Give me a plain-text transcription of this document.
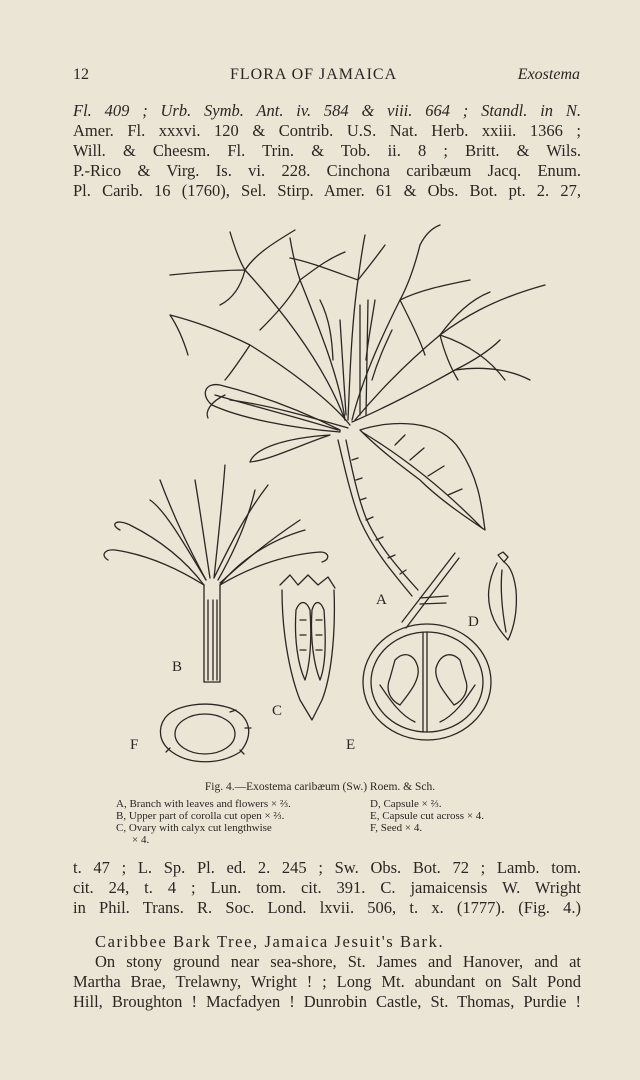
12	FLORA OF JAMAICA	Exostema
Fl. 409 ; Urb. Symb. Ant. iv. 584 & viii. 664 ; Standl. in N.
Amer. Fl. xxxvi. 120 & Contrib. U.S. Nat. Herb. xxiii. 1366 ;
Will. & Cheesm. Fl. Trin. & Tob. ii. 8 ; Britt. & Wils.
P.-Rico & Virg. Is. vi. 228. Cinchona caribæum Jacq. Enum.
Pl. Carib. 16 (1760), Sel. Stirp. Amer. 61 & Obs. Bot. pt. 2. 27,
A
B
C
D
E
F
Fig. 4.—Exostema caribæum (Sw.) Roem. & Sch.
A, Branch with leaves and flowers × ⅔.
B, Upper part of corolla cut open × ⅔.
C, Ovary with calyx cut lengthwise
× 4.
D, Capsule × ⅔.
E, Capsule cut across × 4.
F, Seed × 4.
t. 47 ; L. Sp. Pl. ed. 2. 245 ; Sw. Obs. Bot. 72 ; Lamb. tom.
cit. 24, t. 4 ; Lun. tom. cit. 391. C. jamaicensis W. Wright
in Phil. Trans. R. Soc. Lond. lxvii. 506, t. x. (1777). (Fig. 4.)
Caribbee Bark Tree, Jamaica Jesuit's Bark.
On stony ground near sea-shore, St. James and Hanover, and at
Martha Brae, Trelawny, Wright ! ; Long Mt. abundant on Salt Pond
Hill, Broughton ! Macfadyen ! Dunrobin Castle, St. Thomas, Purdie !
